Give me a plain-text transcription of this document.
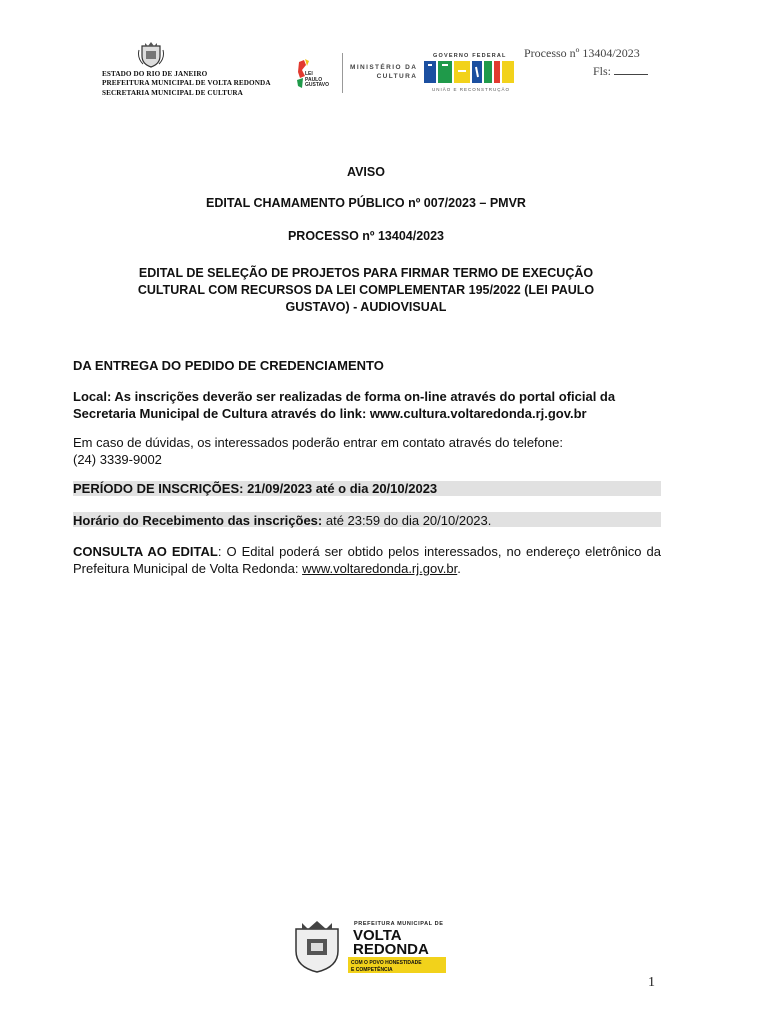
ESTADO DO RIO DE JANEIRO
PREFEITURA MUNICIPAL DE VOLTA REDONDA
SECRETARIA MUNICIPAL DE CULTURA
LEI
PAULO
GUSTAVO
MINISTÉRIO DA
CULTURA
GOVERNO FEDERAL
UNIÃO E RECONSTRUÇÃO
Processo nº 13404/2023
Fls:
AVISO
EDITAL CHAMAMENTO PÚBLICO nº 007/2023 – PMVR
PROCESSO nº 13404/2023
EDITAL DE SELEÇÃO DE PROJETOS PARA FIRMAR TERMO DE EXECUÇÃO
CULTURAL COM RECURSOS DA LEI COMPLEMENTAR 195/2022 (LEI PAULO
GUSTAVO) - AUDIOVISUAL
DA ENTREGA DO PEDIDO DE CREDENCIAMENTO
Local: As inscrições deverão ser realizadas de forma on-line através do portal oficial da
Secretaria Municipal de Cultura através do link: www.cultura.voltaredonda.rj.gov.br
Em caso de dúvidas, os interessados poderão entrar em contato através do telefone:
(24) 3339-9002
PERÍODO DE INSCRIÇÕES: 21/09/2023 até o dia 20/10/2023
Horário do Recebimento das inscrições: até 23:59 do dia 20/10/2023.
CONSULTA AO EDITAL: O Edital poderá ser obtido pelos interessados, no endereço eletrônico da Prefeitura Municipal de Volta Redonda: www.voltaredonda.rj.gov.br.
PREFEITURA MUNICIPAL DE
VOLTA
REDONDA
COM O POVO HONESTIDADE
E COMPETÊNCIA
1
